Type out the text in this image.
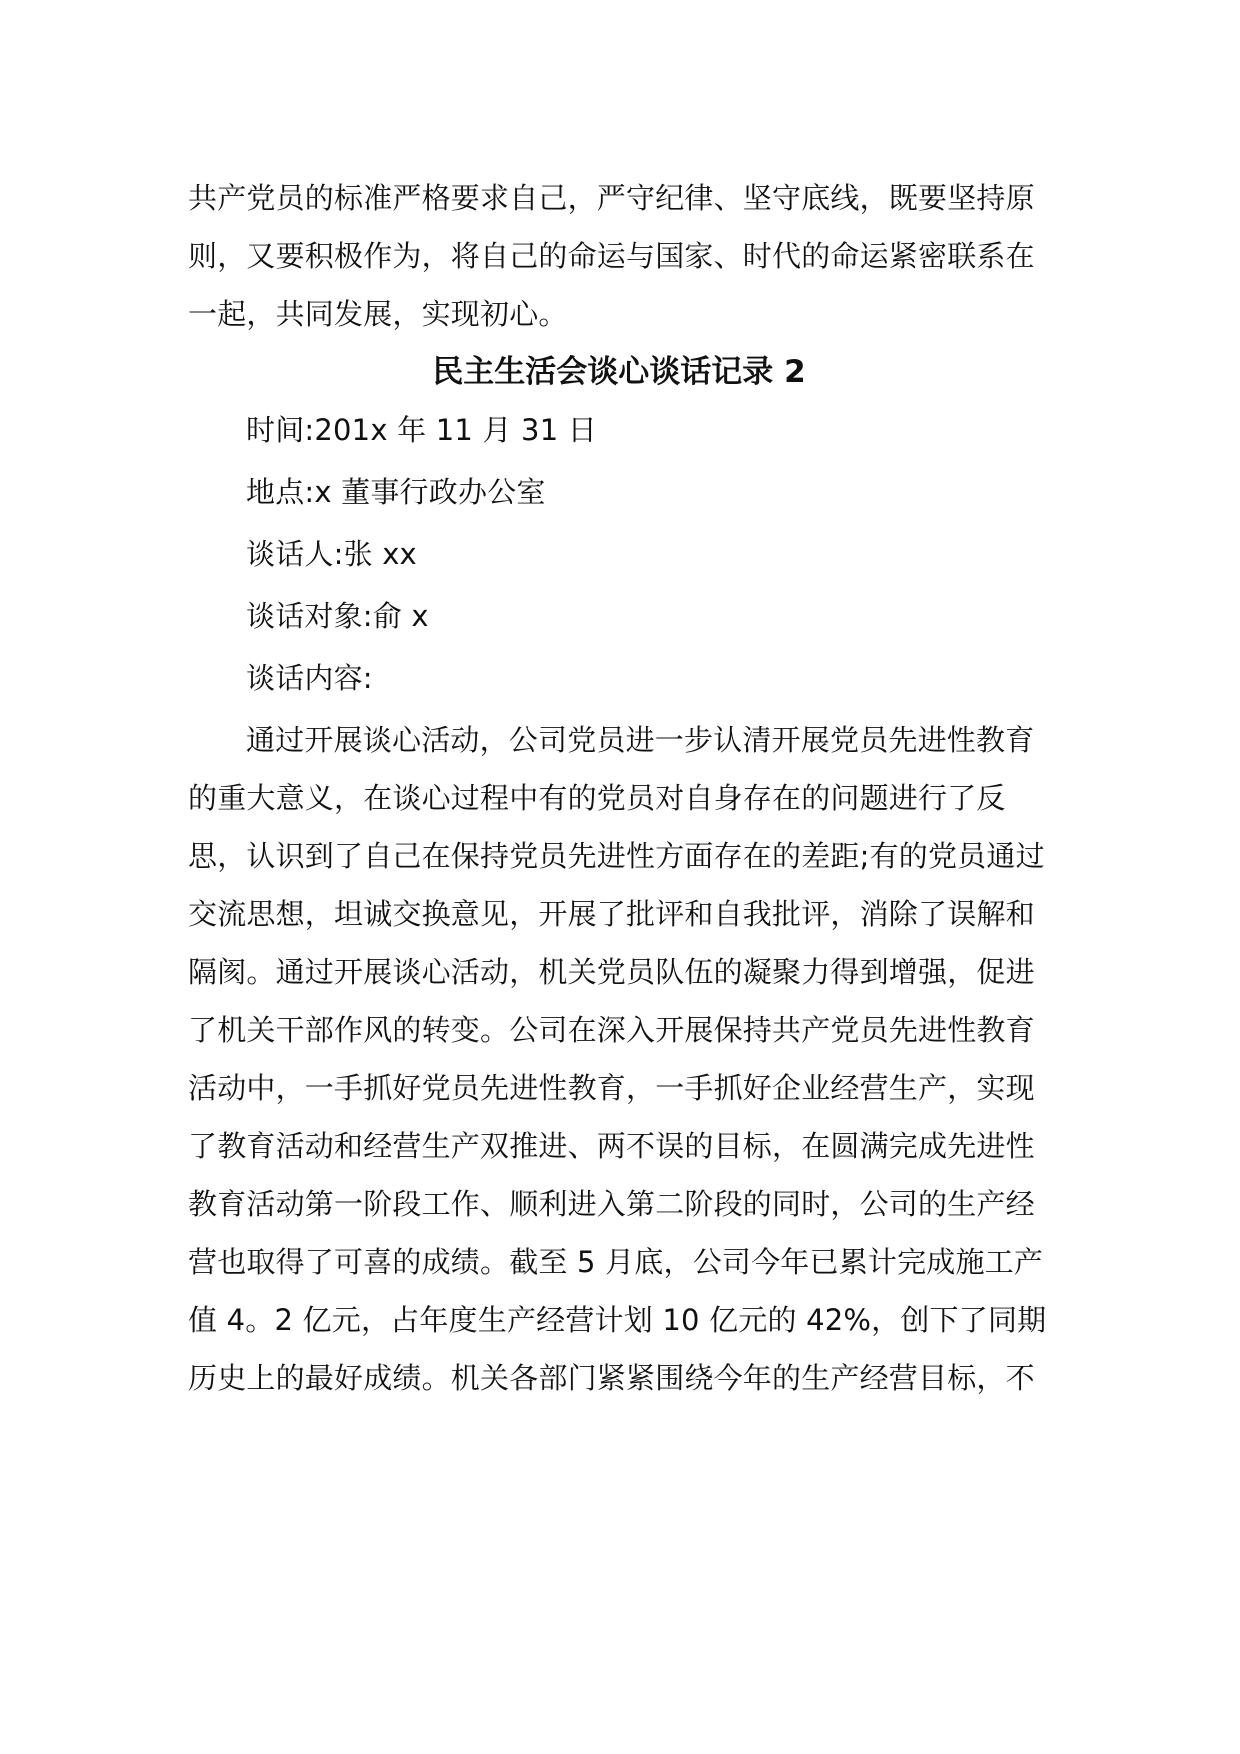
共产党员的标准严格要求自己，严守纪律、坚守底线，既要坚持原
则，又要积极作为，将自己的命运与国家、时代的命运紧密联系在
一起，共同发展，实现初心。
民主生活会谈心谈话记录 2
时间:201x 年 11 月 31 日
地点:x 董事行政办公室
谈话人:张 xx
谈话对象:俞 x
谈话内容:
通过开展谈心活动，公司党员进一步认清开展党员先进性教育
的重大意义，在谈心过程中有的党员对自身存在的问题进行了反
思，认识到了自己在保持党员先进性方面存在的差距;有的党员通过
交流思想，坦诚交换意见，开展了批评和自我批评，消除了误解和
隔阂。通过开展谈心活动，机关党员队伍的凝聚力得到增强，促进
了机关干部作风的转变。公司在深入开展保持共产党员先进性教育
活动中，一手抓好党员先进性教育，一手抓好企业经营生产，实现
了教育活动和经营生产双推进、两不误的目标，在圆满完成先进性
教育活动第一阶段工作、顺利进入第二阶段的同时，公司的生产经
营也取得了可喜的成绩。截至 5 月底，公司今年已累计完成施工产
值 4。2 亿元，占年度生产经营计划 10 亿元的 42%，创下了同期
历史上的最好成绩。机关各部门紧紧围绕今年的生产经营目标，不
